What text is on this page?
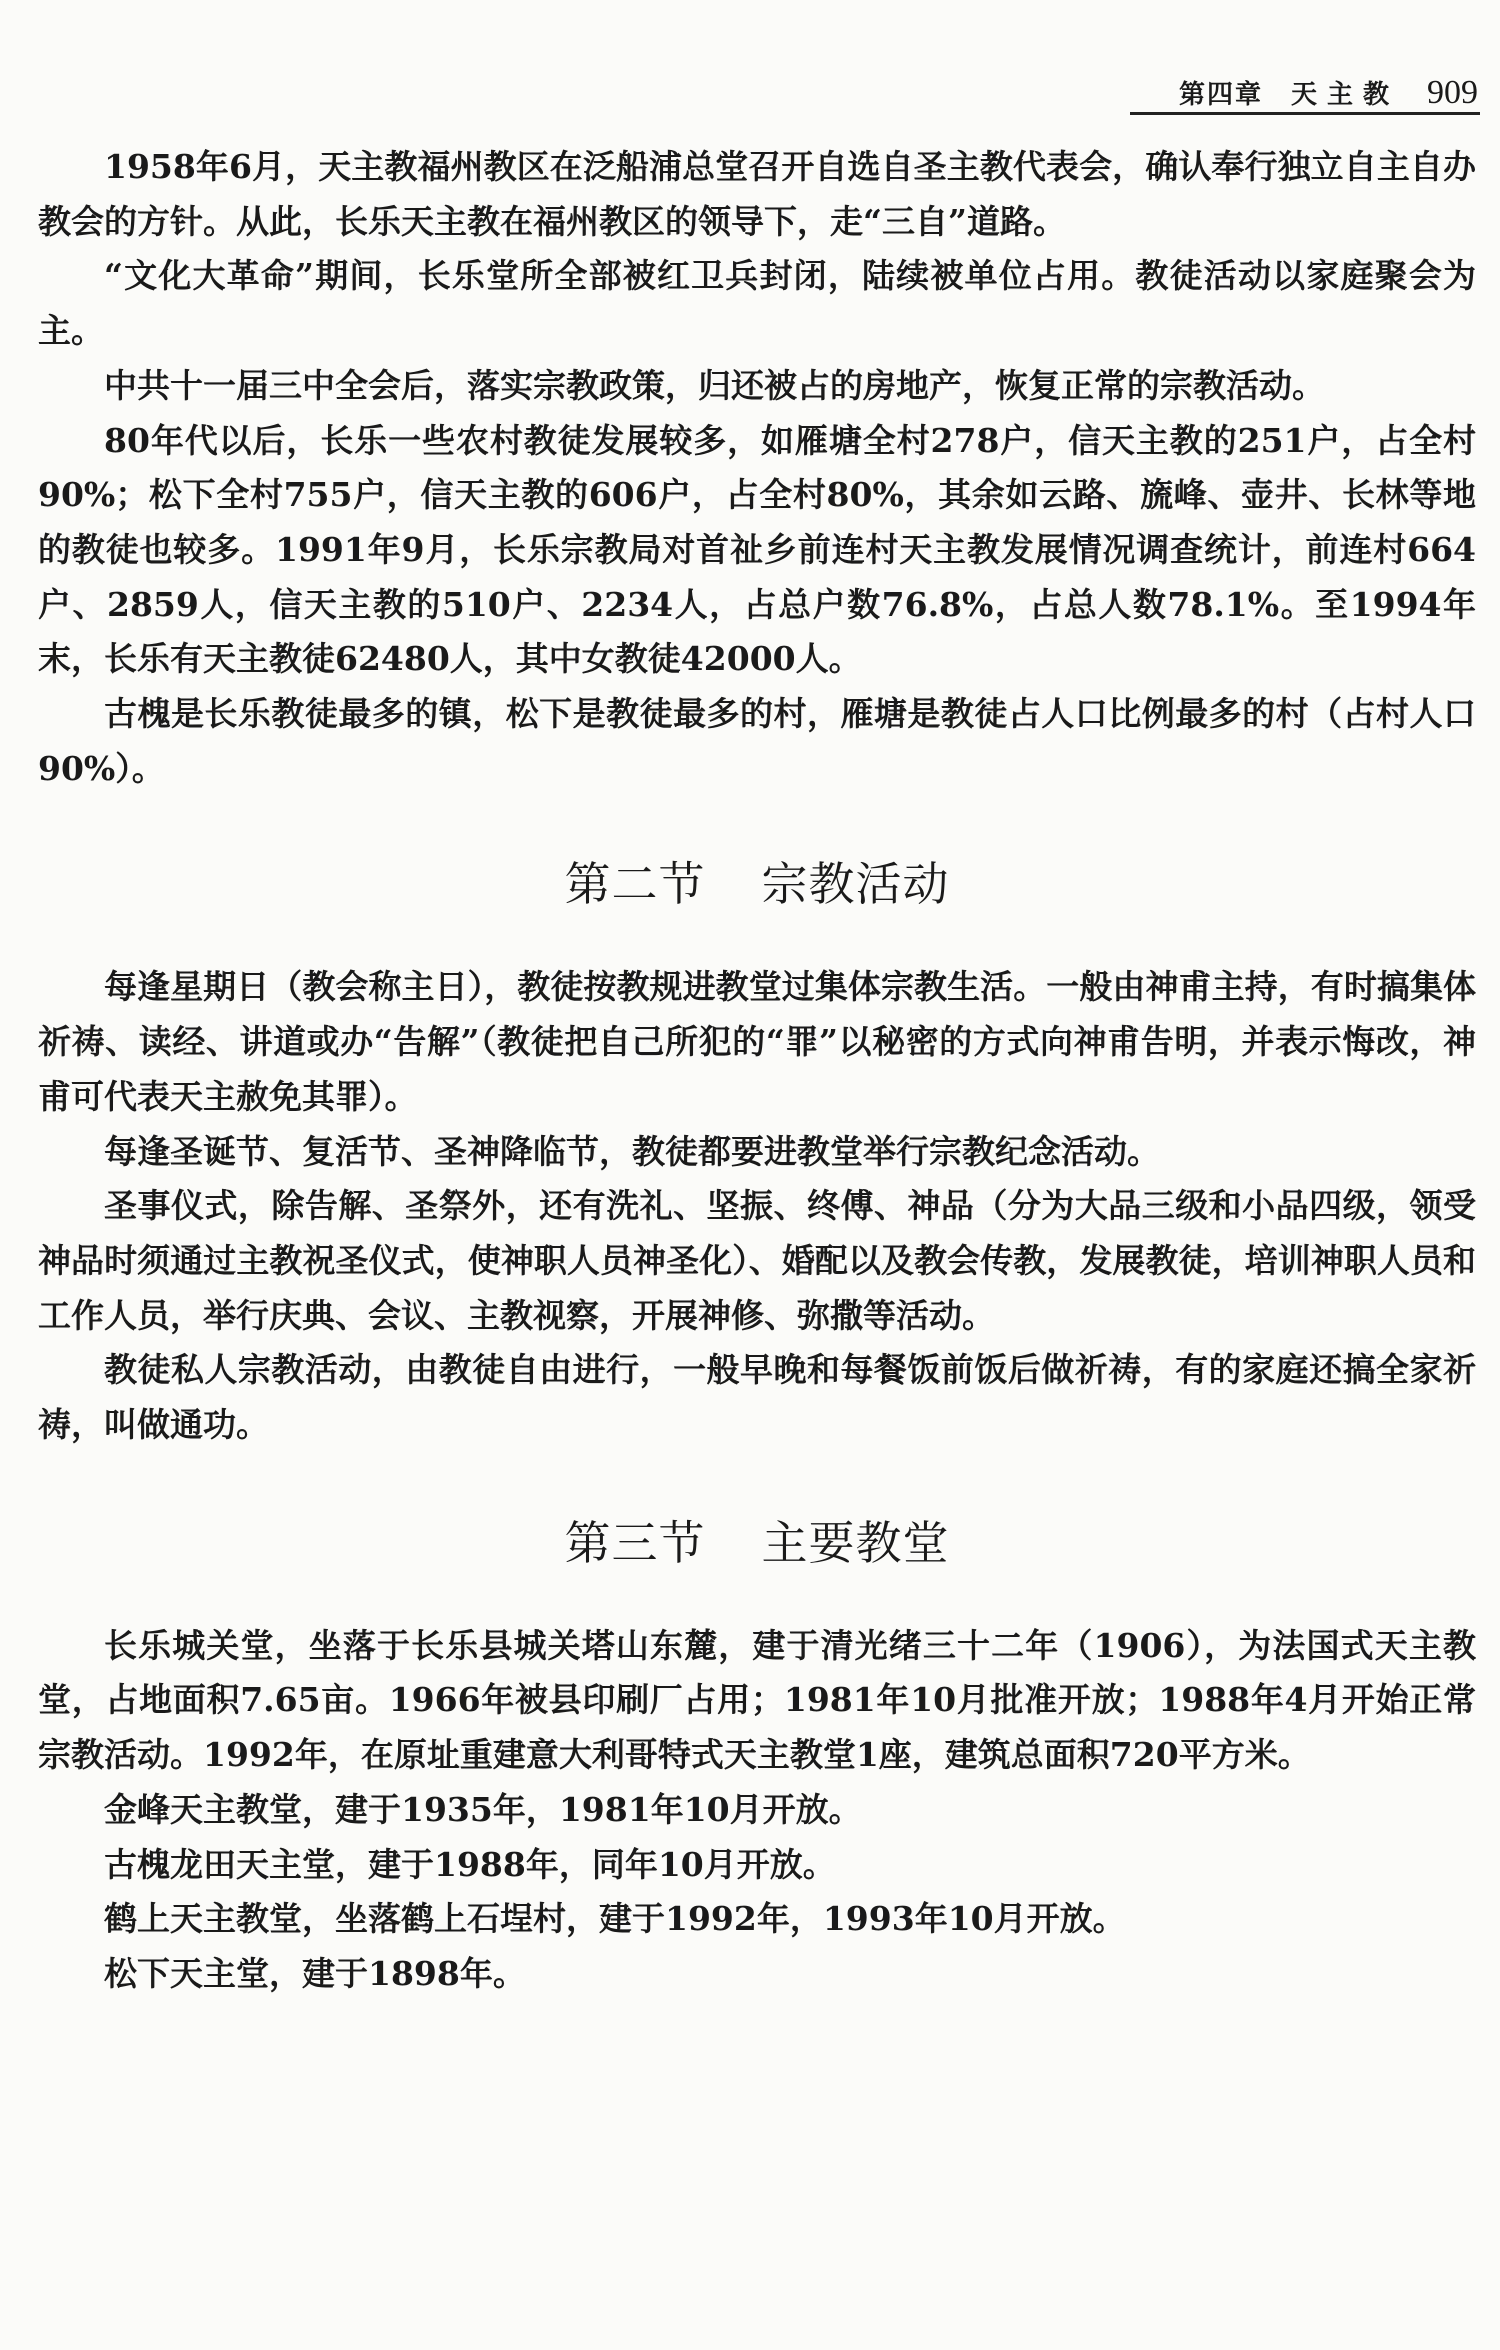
第四章 天主教 909

1958年6月，天主教福州教区在泛船浦总堂召开自选自圣主教代表会，确认奉行独立自主自办教会的方针。从此，长乐天主教在福州教区的领导下，走“三自”道路。

“文化大革命”期间，长乐堂所全部被红卫兵封闭，陆续被单位占用。教徒活动以家庭聚会为主。

中共十一届三中全会后，落实宗教政策，归还被占的房地产，恢复正常的宗教活动。

80年代以后，长乐一些农村教徒发展较多，如雁塘全村278户，信天主教的251户，占全村90%；松下全村755户，信天主教的606户，占全村80%，其余如云路、旒峰、壶井、长林等地的教徒也较多。1991年9月，长乐宗教局对首祉乡前连村天主教发展情况调查统计，前连村664户、2859人，信天主教的510户、2234人，占总户数76.8%，占总人数78.1%。至1994年末，长乐有天主教徒62480人，其中女教徒42000人。

古槐是长乐教徒最多的镇，松下是教徒最多的村，雁塘是教徒占人口比例最多的村（占村人口90%）。

第二节 宗教活动

每逢星期日（教会称主日），教徒按教规进教堂过集体宗教生活。一般由神甫主持，有时搞集体祈祷、读经、讲道或办“告解”（教徒把自己所犯的“罪”以秘密的方式向神甫告明，并表示悔改，神甫可代表天主赦免其罪）。

每逢圣诞节、复活节、圣神降临节，教徒都要进教堂举行宗教纪念活动。

圣事仪式，除告解、圣祭外，还有洗礼、坚振、终傅、神品（分为大品三级和小品四级，领受神品时须通过主教祝圣仪式，使神职人员神圣化）、婚配以及教会传教，发展教徒，培训神职人员和工作人员，举行庆典、会议、主教视察，开展神修、弥撒等活动。

教徒私人宗教活动，由教徒自由进行，一般早晚和每餐饭前饭后做祈祷，有的家庭还搞全家祈祷，叫做通功。

第三节 主要教堂

长乐城关堂，坐落于长乐县城关塔山东麓，建于清光绪三十二年（1906），为法国式天主教堂，占地面积7.65亩。1966年被县印刷厂占用；1981年10月批准开放；1988年4月开始正常宗教活动。1992年，在原址重建意大利哥特式天主教堂1座，建筑总面积720平方米。

金峰天主教堂，建于1935年，1981年10月开放。

古槐龙田天主堂，建于1988年，同年10月开放。

鹤上天主教堂，坐落鹤上石埕村，建于1992年，1993年10月开放。

松下天主堂，建于1898年。
